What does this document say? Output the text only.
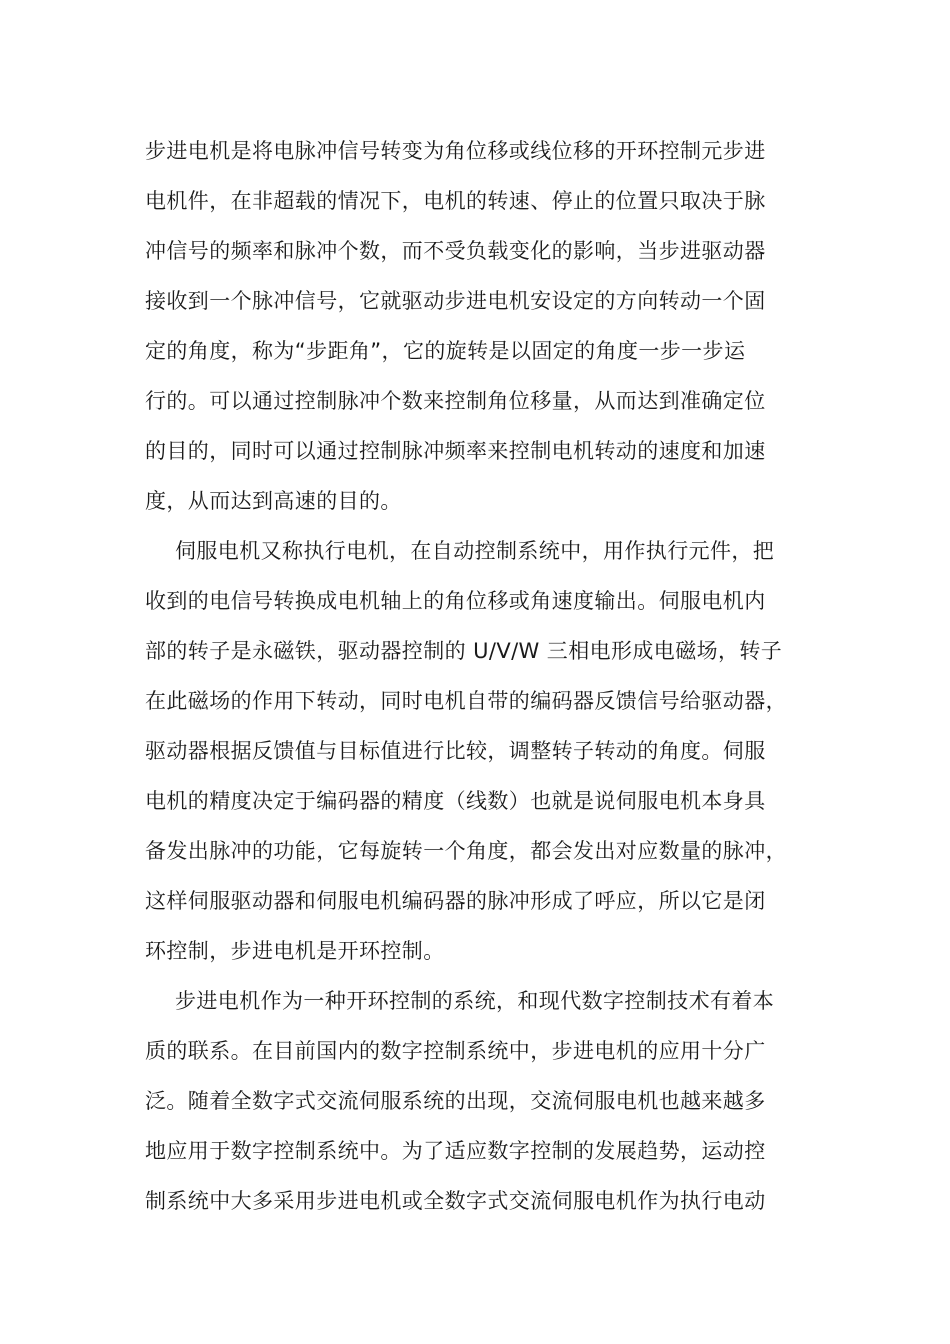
步进电机是将电脉冲信号转变为角位移或线位移的开环控制元步进
电机件，在非超载的情况下，电机的转速、停止的位置只取决于脉
冲信号的频率和脉冲个数，而不受负载变化的影响，当步进驱动器
接收到一个脉冲信号，它就驱动步进电机安设定的方向转动一个固
定的角度，称为“步距角”，它的旋转是以固定的角度一步一步运
行的。可以通过控制脉冲个数来控制角位移量，从而达到准确定位
的目的，同时可以通过控制脉冲频率来控制电机转动的速度和加速
度，从而达到高速的目的。
伺服电机又称执行电机，在自动控制系统中，用作执行元件，把
收到的电信号转换成电机轴上的角位移或角速度输出。伺服电机内
部的转子是永磁铁，驱动器控制的 U/V/W 三相电形成电磁场，转子
在此磁场的作用下转动，同时电机自带的编码器反馈信号给驱动器，
驱动器根据反馈值与目标值进行比较，调整转子转动的角度。伺服
电机的精度决定于编码器的精度（线数）也就是说伺服电机本身具
备发出脉冲的功能，它每旋转一个角度，都会发出对应数量的脉冲，
这样伺服驱动器和伺服电机编码器的脉冲形成了呼应，所以它是闭
环控制，步进电机是开环控制。
步进电机作为一种开环控制的系统，和现代数字控制技术有着本
质的联系。在目前国内的数字控制系统中，步进电机的应用十分广
泛。随着全数字式交流伺服系统的出现，交流伺服电机也越来越多
地应用于数字控制系统中。为了适应数字控制的发展趋势，运动控
制系统中大多采用步进电机或全数字式交流伺服电机作为执行电动
